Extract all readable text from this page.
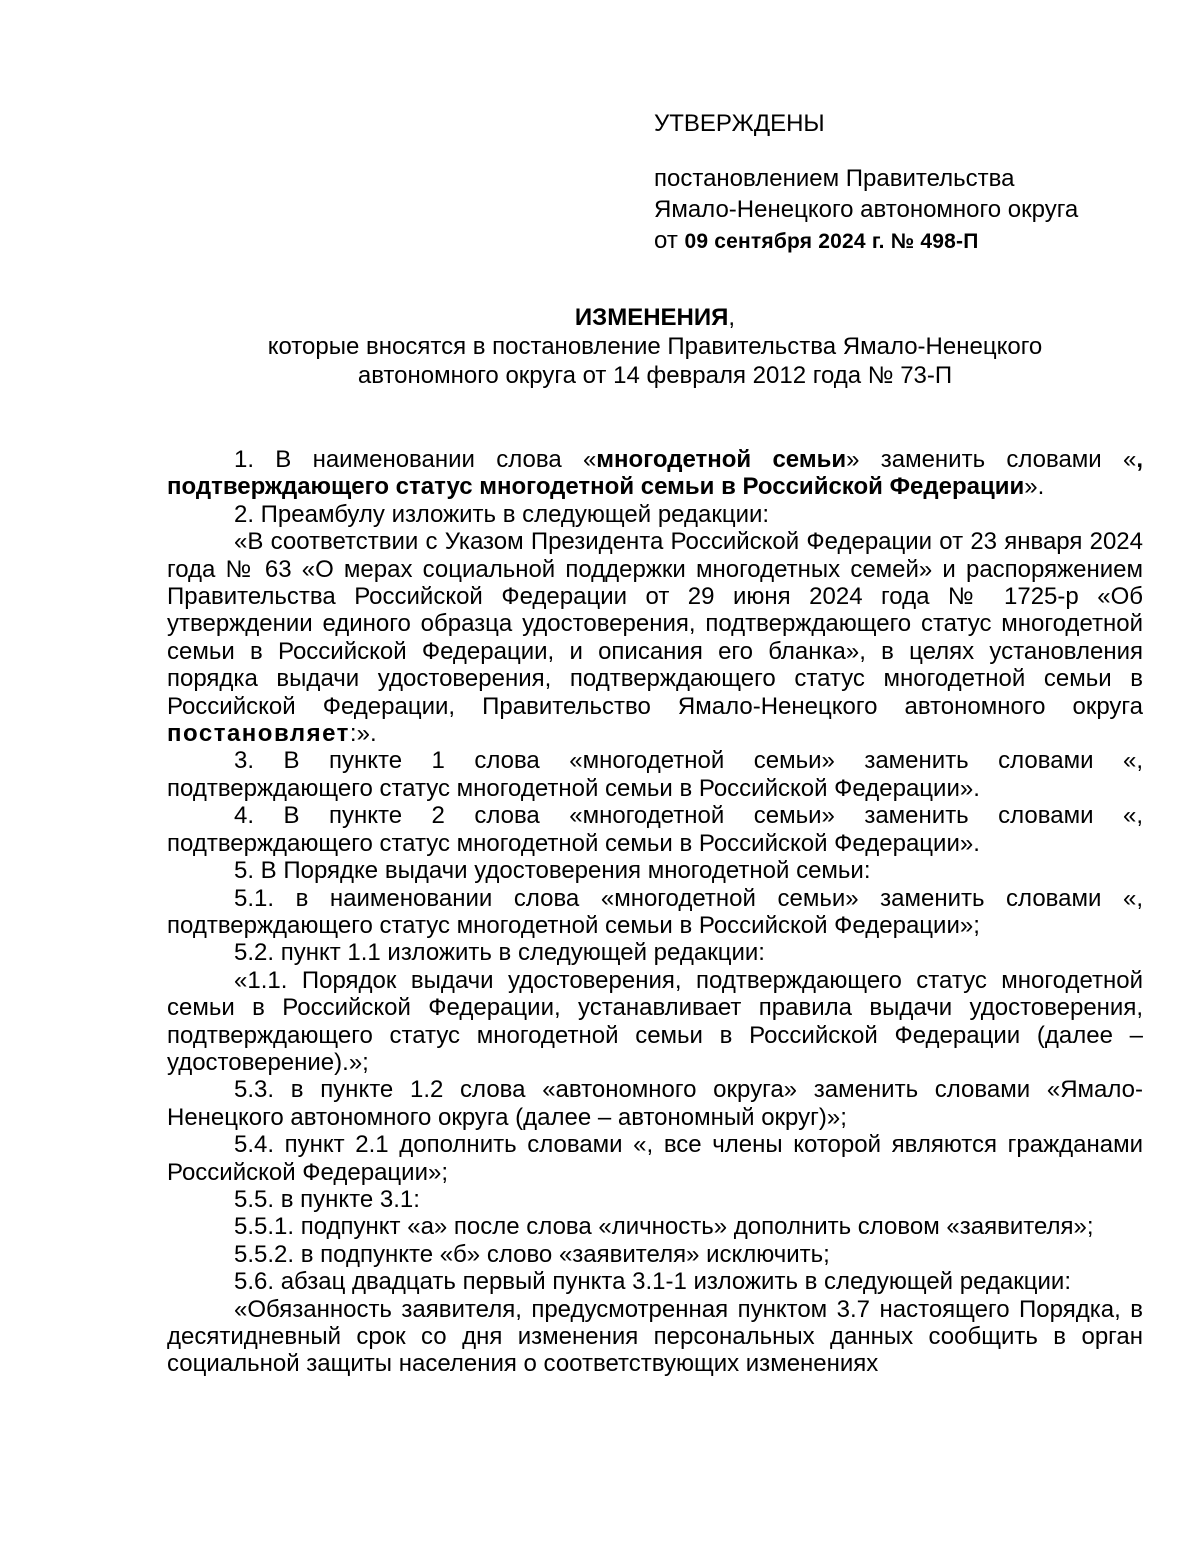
УТВЕРЖДЕНЫ
постановлением Правительства
Ямало-Ненецкого автономного округа
от 09 сентября 2024 г. № 498-П
ИЗМЕНЕНИЯ,
которые вносятся в постановление Правительства Ямало-Ненецкого
автономного округа от 14 февраля 2012 года № 73-П

1. В наименовании слова «многодетной семьи» заменить словами «, подтверждающего статус многодетной семьи в Российской Федерации».

2. Преамбулу изложить в следующей редакции:

«В соответствии с Указом Президента Российской Федерации от 23 января 2024 года № 63 «О мерах социальной поддержки многодетных семей» и распоряжением Правительства Российской Федерации от 29 июня 2024 года № 1725-р «Об утверждении единого образца удостоверения, подтверждающего статус многодетной семьи в Российской Федерации, и описания его бланка», в целях установления порядка выдачи удостоверения, подтверждающего статус многодетной семьи в Российской Федерации, Правительство Ямало-Ненецкого автономного округа постановляет:».

3. В пункте 1 слова «многодетной семьи» заменить словами «, подтверждающего статус многодетной семьи в Российской Федерации».

4. В пункте 2 слова «многодетной семьи» заменить словами «, подтверждающего статус многодетной семьи в Российской Федерации».

5. В Порядке выдачи удостоверения многодетной семьи:

5.1. в наименовании слова «многодетной семьи» заменить словами «, подтверждающего статус многодетной семьи в Российской Федерации»;

5.2. пункт 1.1 изложить в следующей редакции:

«1.1. Порядок выдачи удостоверения, подтверждающего статус многодетной семьи в Российской Федерации, устанавливает правила выдачи удостоверения, подтверждающего статус многодетной семьи в Российской Федерации (далее – удостоверение).»;

5.3. в пункте 1.2 слова «автономного округа» заменить словами «Ямало-Ненецкого автономного округа (далее – автономный округ)»;

5.4. пункт 2.1 дополнить словами «, все члены которой являются гражданами Российской Федерации»;

5.5. в пункте 3.1:

5.5.1. подпункт «а» после слова «личность» дополнить словом «заявителя»;

5.5.2. в подпункте «б» слово «заявителя» исключить;

5.6. абзац двадцать первый пункта 3.1-1 изложить в следующей редакции:

«Обязанность заявителя, предусмотренная пунктом 3.7 настоящего Порядка, в десятидневный срок со дня изменения персональных данных сообщить в орган социальной защиты населения о соответствующих изменениях
